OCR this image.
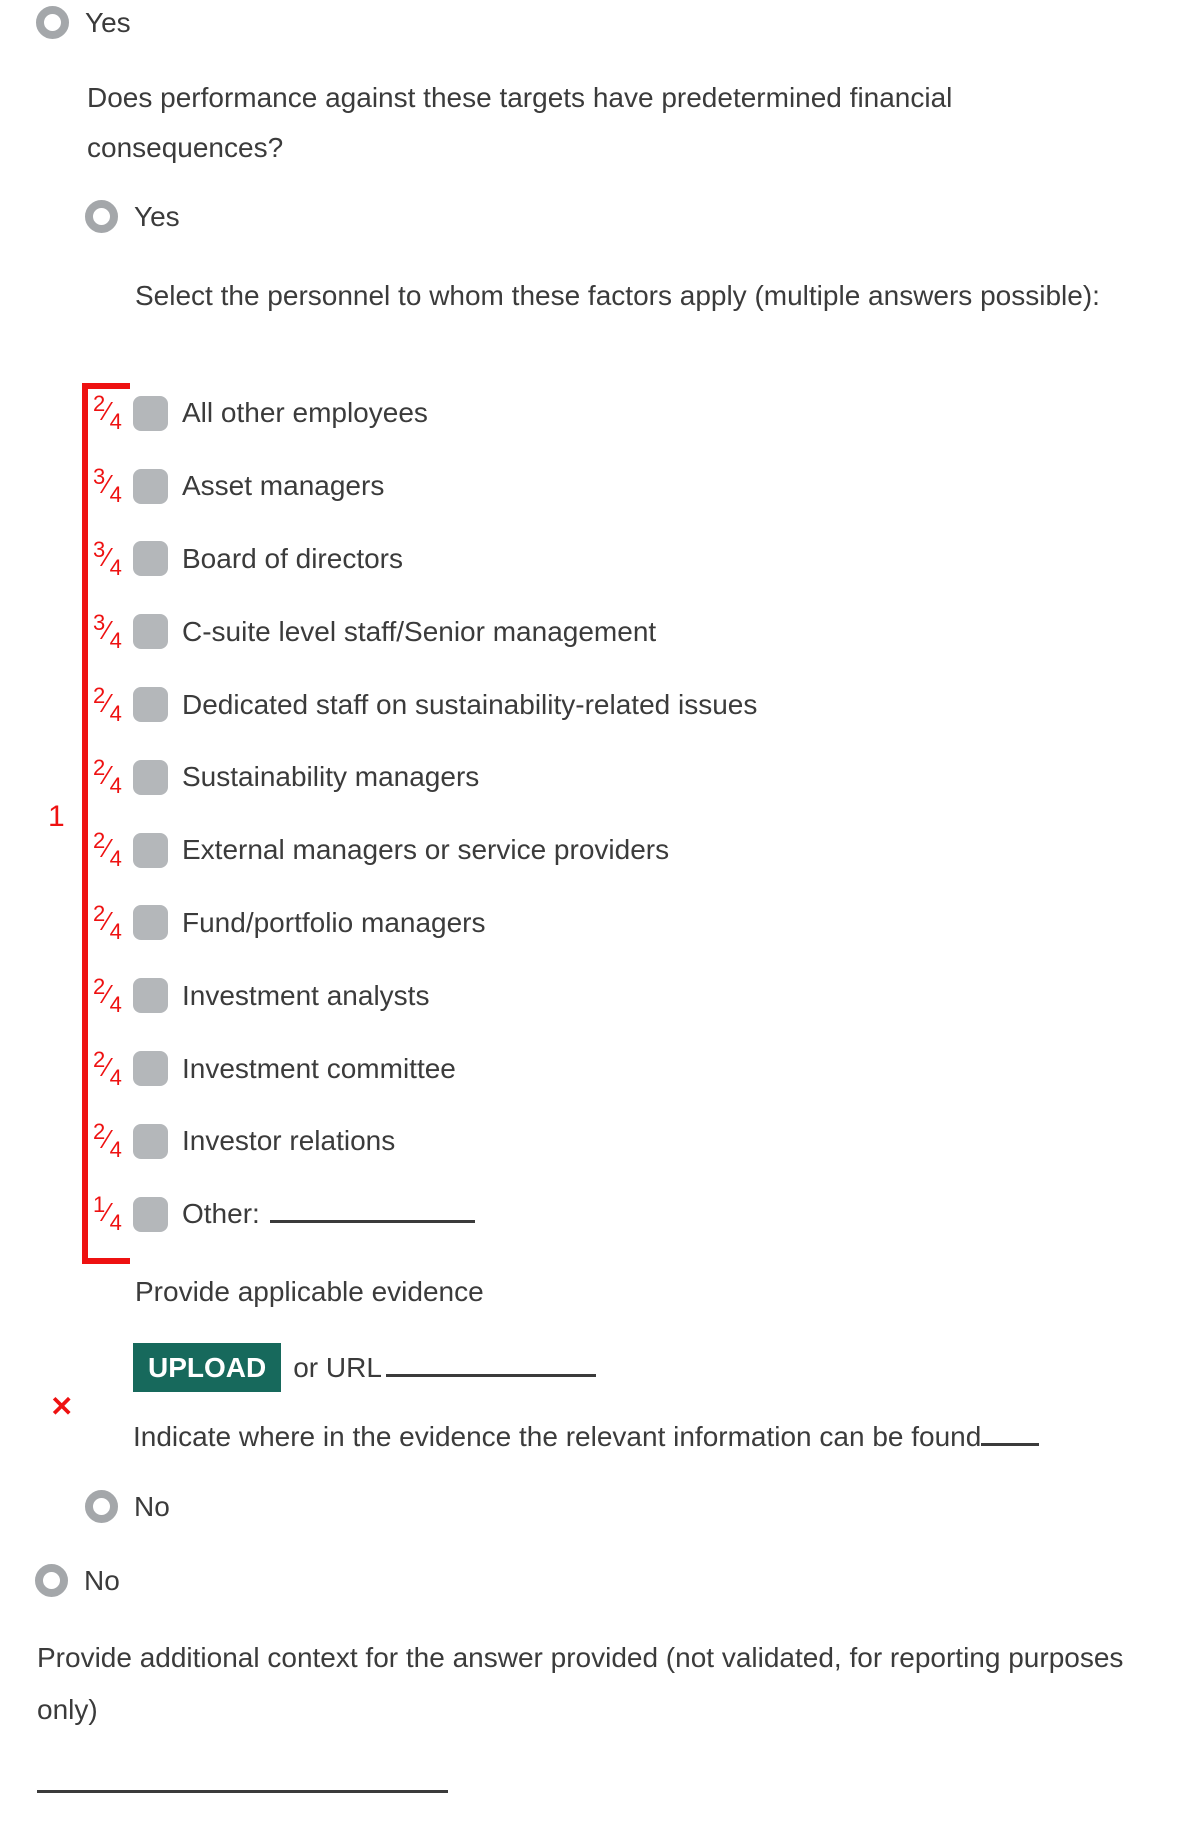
Yes
Does performance against these targets have predetermined financial consequences?
Yes
Select the personnel to whom these factors apply (multiple answers possible):
1
2⁄4	All other employees
3⁄4	Asset managers
3⁄4	Board of directors
3⁄4	C-suite level staff/Senior management
2⁄4	Dedicated staff on sustainability-related issues
2⁄4	Sustainability managers
2⁄4	External managers or service providers
2⁄4	Fund/portfolio managers
2⁄4	Investment analysts
2⁄4	Investment committee
2⁄4	Investor relations
1⁄4	Other:
Provide applicable evidence
UPLOAD or URL
✕
Indicate where in the evidence the relevant information can be found
No
No
Provide additional context for the answer provided (not validated, for reporting purposes only)
